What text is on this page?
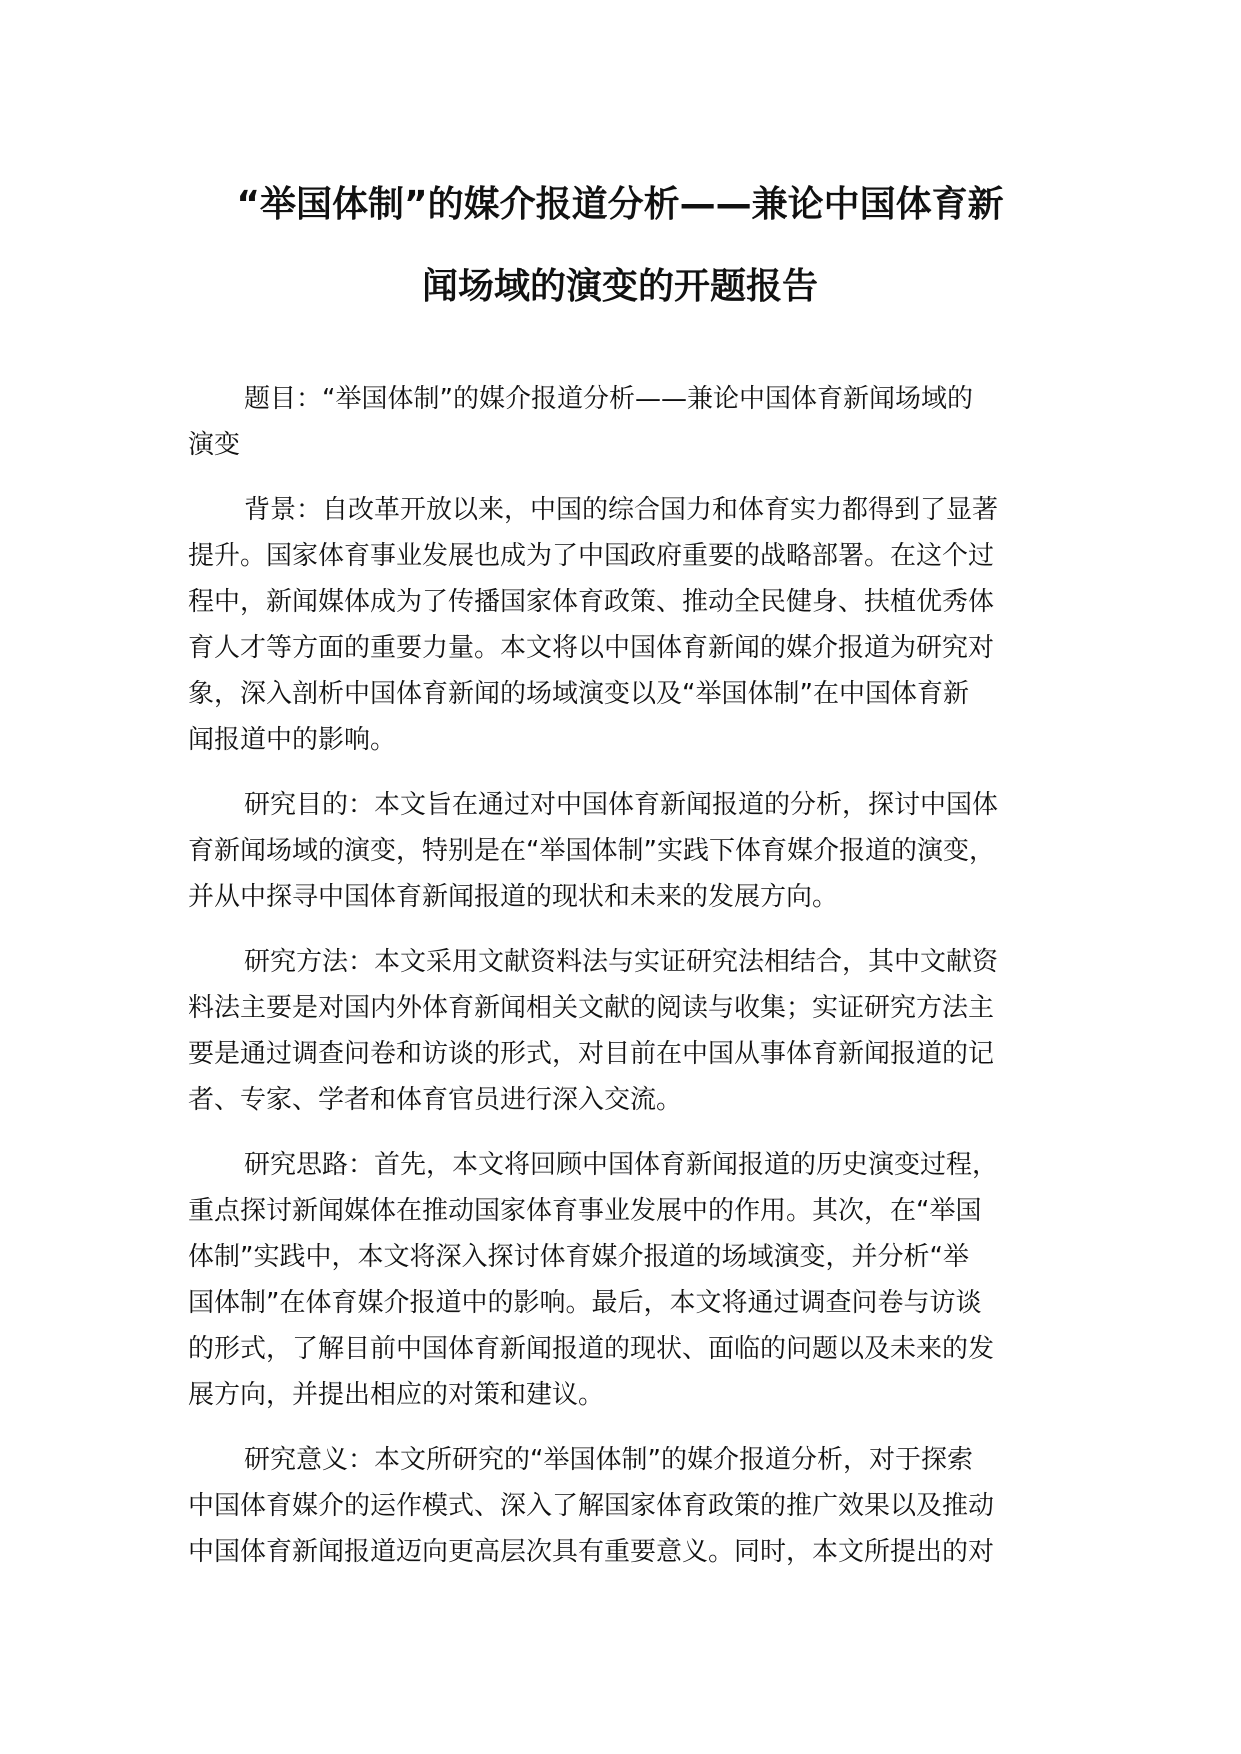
“举国体制”的媒介报道分析——兼论中国体育新
闻场域的演变的开题报告

题目：“举国体制”的媒介报道分析——兼论中国体育新闻场域的
演变

背景：自改革开放以来，中国的综合国力和体育实力都得到了显著
提升。国家体育事业发展也成为了中国政府重要的战略部署。在这个过
程中，新闻媒体成为了传播国家体育政策、推动全民健身、扶植优秀体
育人才等方面的重要力量。本文将以中国体育新闻的媒介报道为研究对
象，深入剖析中国体育新闻的场域演变以及“举国体制”在中国体育新
闻报道中的影响。

研究目的：本文旨在通过对中国体育新闻报道的分析，探讨中国体
育新闻场域的演变，特别是在“举国体制”实践下体育媒介报道的演变，
并从中探寻中国体育新闻报道的现状和未来的发展方向。

研究方法：本文采用文献资料法与实证研究法相结合，其中文献资
料法主要是对国内外体育新闻相关文献的阅读与收集；实证研究方法主
要是通过调查问卷和访谈的形式，对目前在中国从事体育新闻报道的记
者、专家、学者和体育官员进行深入交流。

研究思路：首先，本文将回顾中国体育新闻报道的历史演变过程，
重点探讨新闻媒体在推动国家体育事业发展中的作用。其次，在“举国
体制”实践中，本文将深入探讨体育媒介报道的场域演变，并分析“举
国体制”在体育媒介报道中的影响。最后，本文将通过调查问卷与访谈
的形式，了解目前中国体育新闻报道的现状、面临的问题以及未来的发
展方向，并提出相应的对策和建议。

研究意义：本文所研究的“举国体制”的媒介报道分析，对于探索
中国体育媒介的运作模式、深入了解国家体育政策的推广效果以及推动
中国体育新闻报道迈向更高层次具有重要意义。同时，本文所提出的对
